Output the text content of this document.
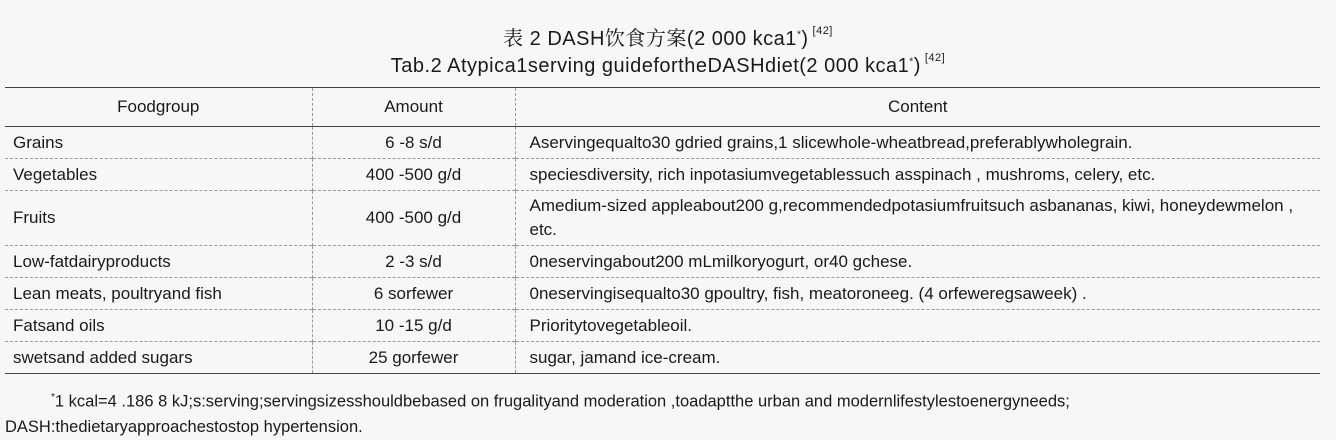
表 2 DASH饮食方案(2 000 kca1*) [42]
Tab.2 Atypica1serving guidefortheDASHdiet(2 000 kca1*) [42]
Foodgroup	Amount	Content
Grains	6 -8 s/d	Aservingequalto30 gdried grains,1 slicewhole-wheatbread,preferablywholegrain.
Vegetables	400 -500 g/d	speciesdiversity, rich inpotasiumvegetablessuch asspinach , mushroms, celery, etc.
Fruits	400 -500 g/d	Amedium-sized appleabout200 g,recommendedpotasiumfruitsuch asbananas, kiwi, honeydewmelon , etc.
Low-fatdairyproducts	2 -3 s/d	0neservingabout200 mLmilkoryogurt, or40 gchese.
Lean meats, poultryand fish	6 sorfewer	0neservingisequalto30 gpoultry, fish, meatoroneeg. (4 orfeweregsaweek) .
Fatsand oils	10 -15 g/d	Prioritytovegetableoil.
swetsand added sugars	25 gorfewer	sugar, jamand ice-cream.
*1 kcal=4 .186 8 kJ;s:serving;servingsizesshouldbebased on frugalityand moderation ,toadaptthe urban and modernlifestylestoenergyneeds;
DASH:thedietaryapproachestostop hypertension.
